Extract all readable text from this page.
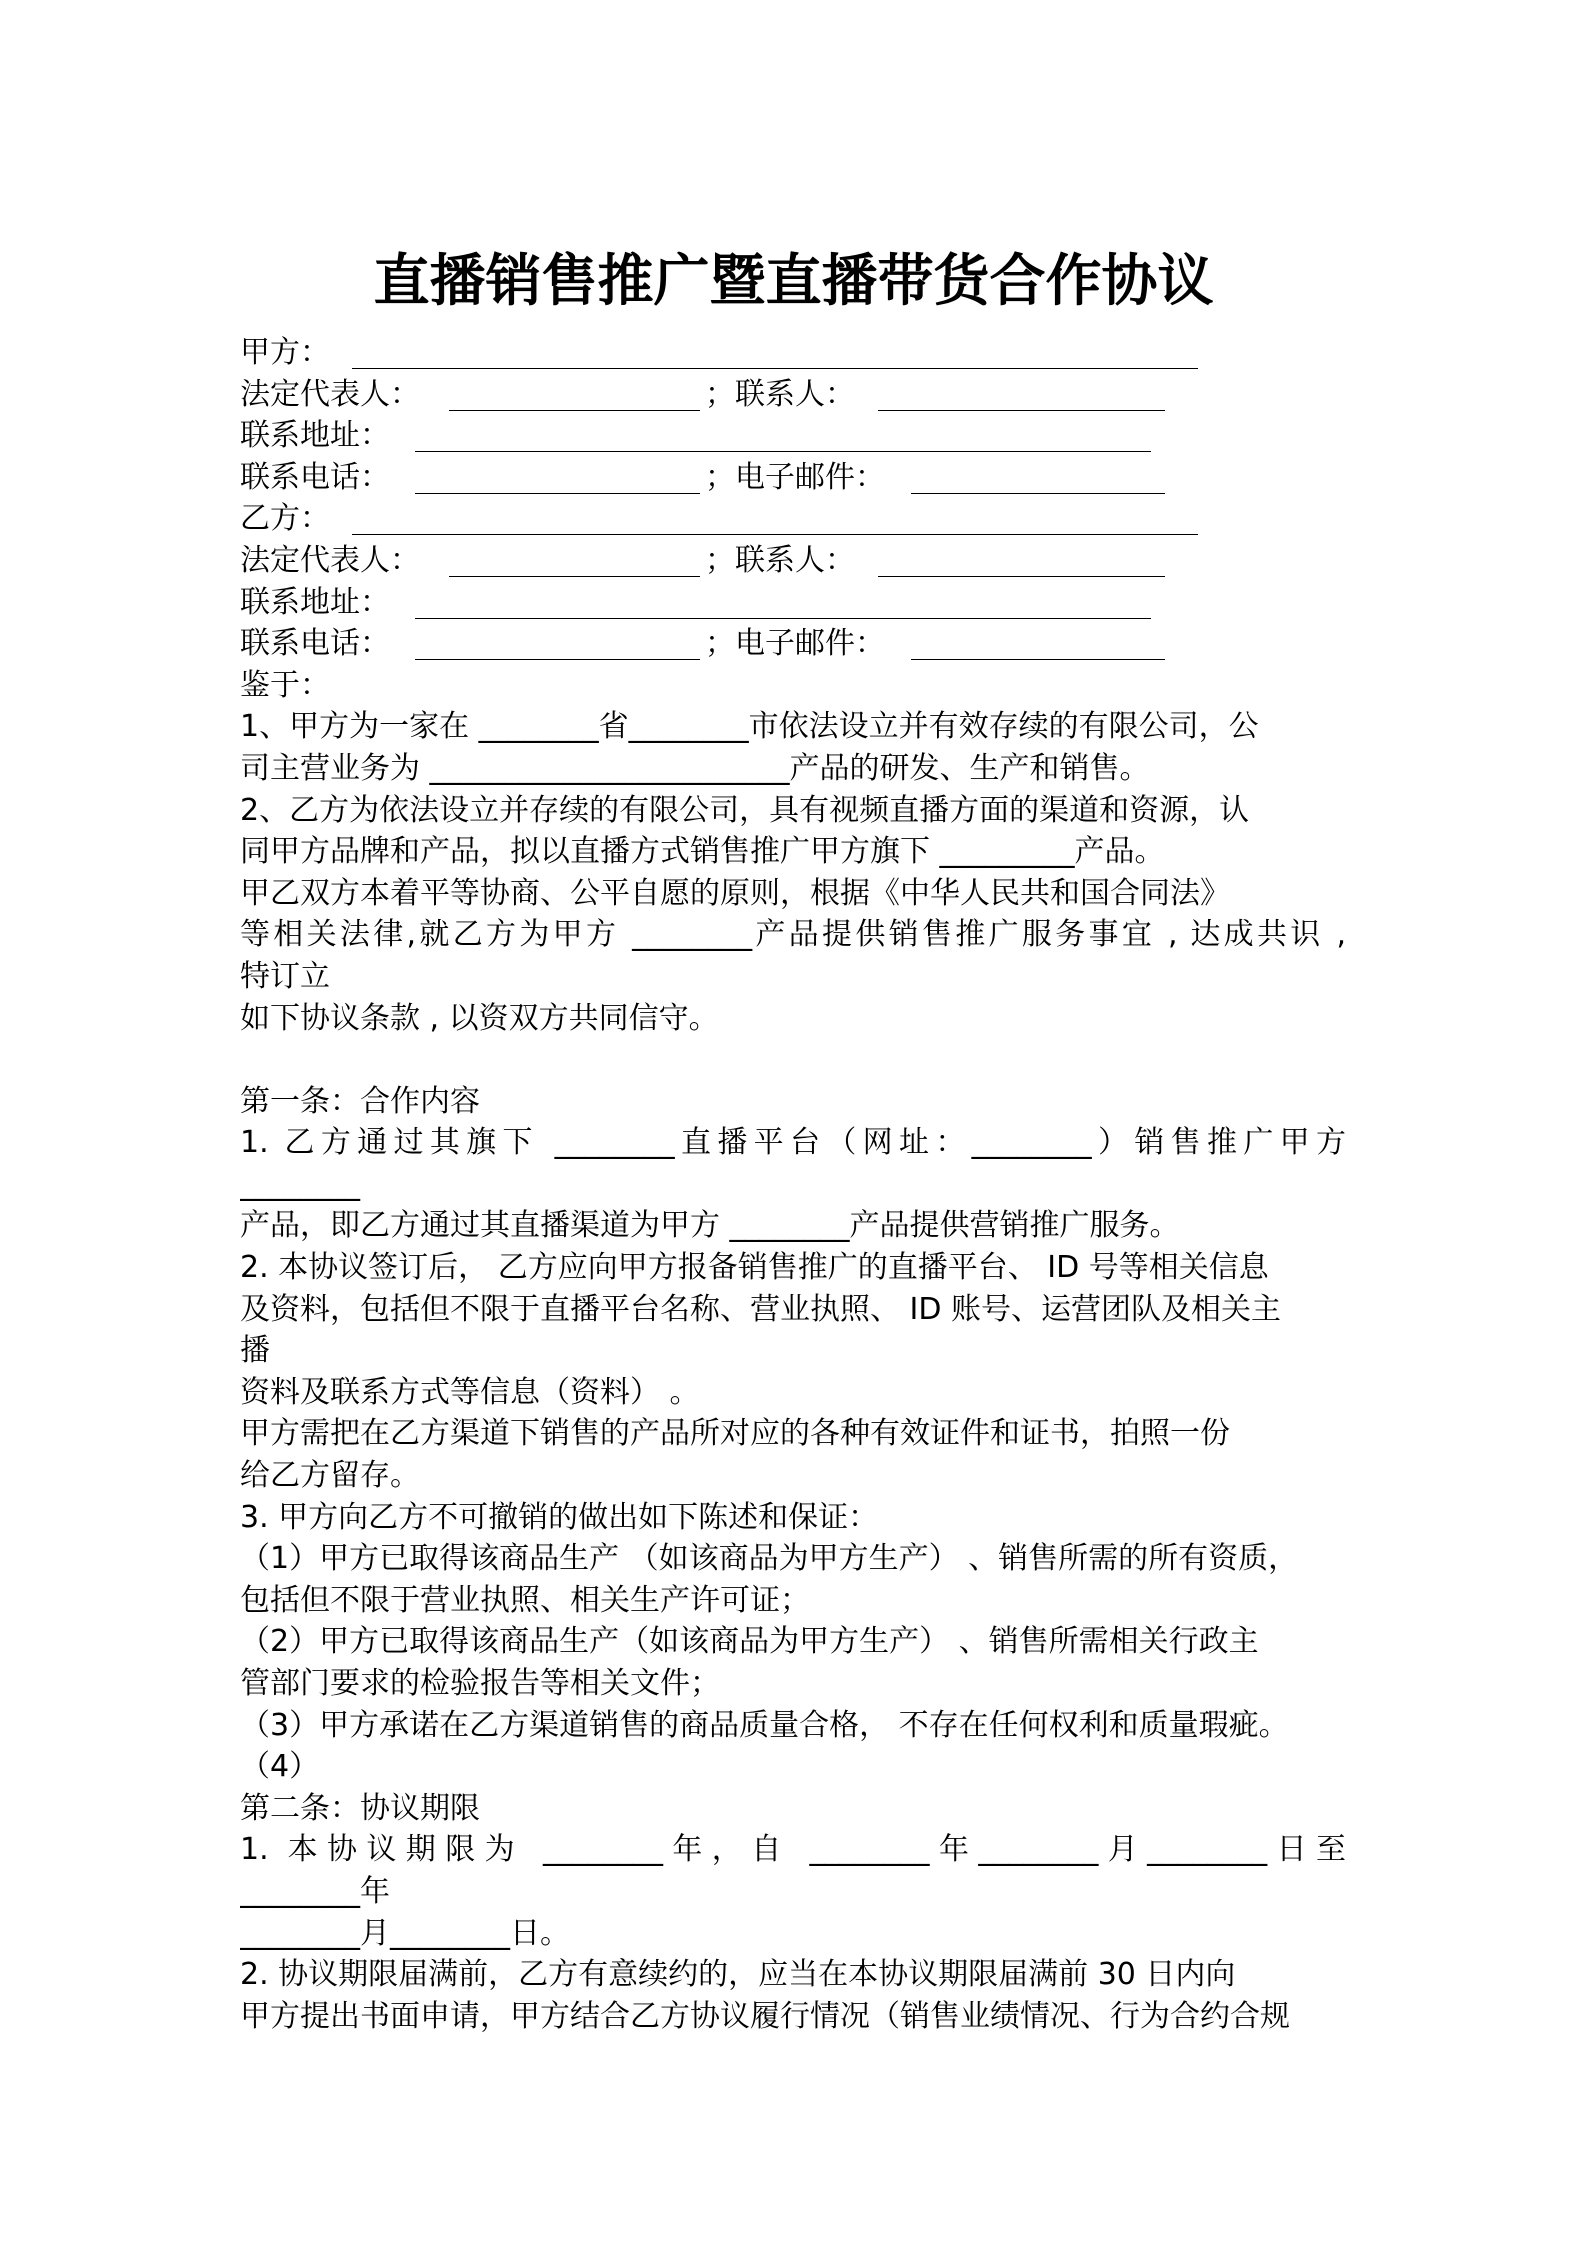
直播销售推广暨直播带货合作协议
甲方：
法定代表人：	；联系人：
联系地址：
联系电话：	；电子邮件：
乙方：
法定代表人：	；联系人：
联系地址：
联系电话：	；电子邮件：
鉴于：
1、甲方为一家在 ________省________市依法设立并有效存续的有限公司，公
司主营业务为 ________________________产品的研发、生产和销售。
2、乙方为依法设立并存续的有限公司，具有视频直播方面的渠道和资源，认
同甲方品牌和产品，拟以直播方式销售推广甲方旗下 _________产品。
甲乙双方本着平等协商、公平自愿的原则，根据《中华人民共和国合同法》
等相关法律,就乙方为甲方 ________产品提供销售推广服务事宜 , 达成共识 ,
特订立
如下协议条款 , 以资双方共同信守。
第一条：合作内容
1. 乙方通过其旗下 ________直播平台（网址：________）销售推广甲方
________
产品，即乙方通过其直播渠道为甲方 ________产品提供营销推广服务。
2. 本协议签订后， 乙方应向甲方报备销售推广的直播平台、 ID 号等相关信息
及资料，包括但不限于直播平台名称、营业执照、 ID 账号、运营团队及相关主
播
资料及联系方式等信息（资料） 。
甲方需把在乙方渠道下销售的产品所对应的各种有效证件和证书，拍照一份
给乙方留存。
3. 甲方向乙方不可撤销的做出如下陈述和保证：
（1）甲方已取得该商品生产 （如该商品为甲方生产） 、销售所需的所有资质，
包括但不限于营业执照、相关生产许可证；
（2）甲方已取得该商品生产（如该商品为甲方生产） 、销售所需相关行政主
管部门要求的检验报告等相关文件；
（3）甲方承诺在乙方渠道销售的商品质量合格， 不存在任何权利和质量瑕疵。
（4）
第二条：协议期限
1. 本协议期限为 ________年，自 ________年________月________日至
________年
________月________日。
2. 协议期限届满前，乙方有意续约的，应当在本协议期限届满前 30 日内向
甲方提出书面申请，甲方结合乙方协议履行情况（销售业绩情况、行为合约合规
